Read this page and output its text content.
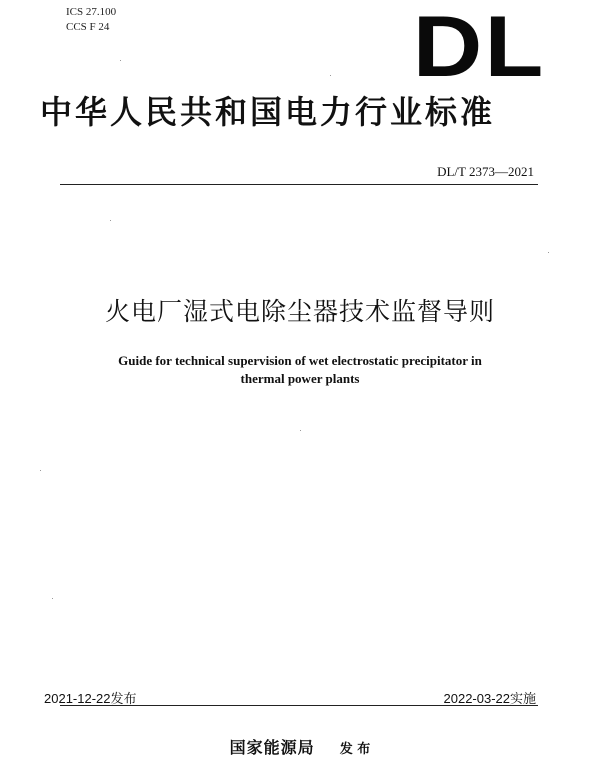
ICS 27.100
CCS F 24	DL
中华人民共和国电力行业标准
DL/T 2373—2021
火电厂湿式电除尘器技术监督导则
Guide for technical supervision of wet electrostatic precipitator in
thermal power plants
2021-12-22发布	2022-03-22实施
国家能源局 发 布
